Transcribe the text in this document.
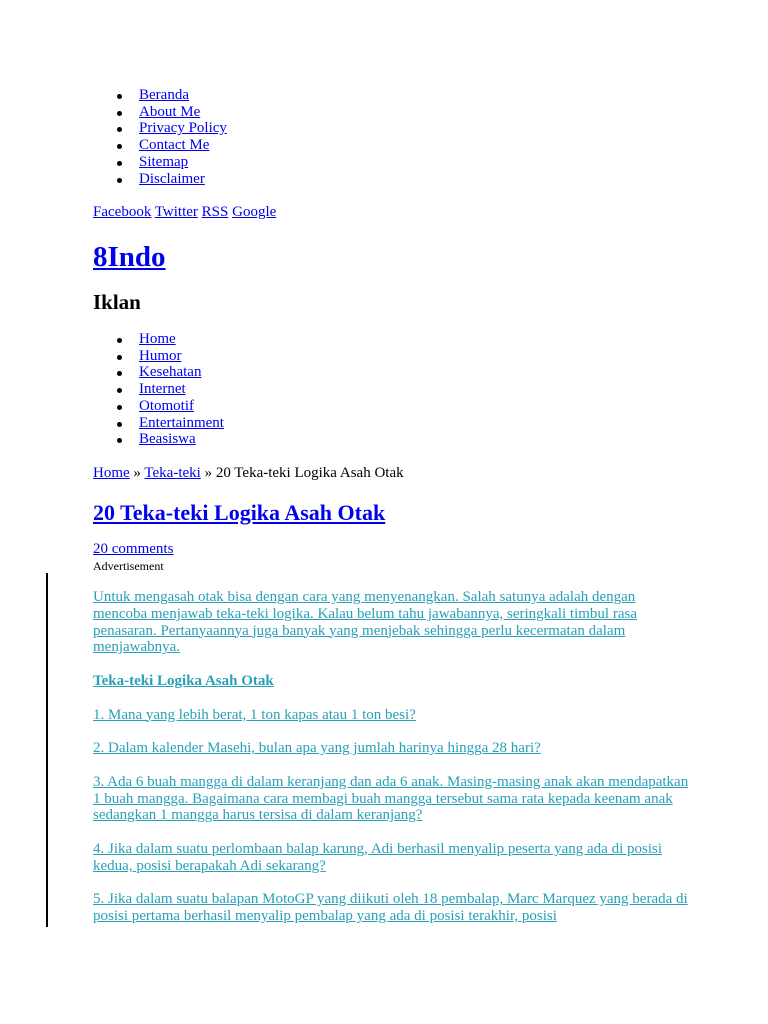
Beranda
About Me
Privacy Policy
Contact Me
Sitemap
Disclaimer
Facebook Twitter RSS Google
8Indo
Iklan
Home
Humor
Kesehatan
Internet
Otomotif
Entertainment
Beasiswa
Home » Teka-teki » 20 Teka-teki Logika Asah Otak
20 Teka-teki Logika Asah Otak
20 comments
Advertisement

Untuk mengasah otak bisa dengan cara yang menyenangkan. Salah satunya adalah dengan mencoba menjawab teka-teki logika. Kalau belum tahu jawabannya, seringkali timbul rasa penasaran. Pertanyaannya juga banyak yang menjebak sehingga perlu kecermatan dalam menjawabnya.

Teka-teki Logika Asah Otak

1. Mana yang lebih berat, 1 ton kapas atau 1 ton besi?

2. Dalam kalender Masehi, bulan apa yang jumlah harinya hingga 28 hari?

3. Ada 6 buah mangga di dalam keranjang dan ada 6 anak. Masing-masing anak akan mendapatkan 1 buah mangga. Bagaimana cara membagi buah mangga tersebut sama rata kepada keenam anak sedangkan 1 mangga harus tersisa di dalam keranjang?

4. Jika dalam suatu perlombaan balap karung, Adi berhasil menyalip peserta yang ada di posisi kedua, posisi berapakah Adi sekarang?

5. Jika dalam suatu balapan MotoGP yang diikuti oleh 18 pembalap, Marc Marquez yang berada di posisi pertama berhasil menyalip pembalap yang ada di posisi terakhir, posisi
